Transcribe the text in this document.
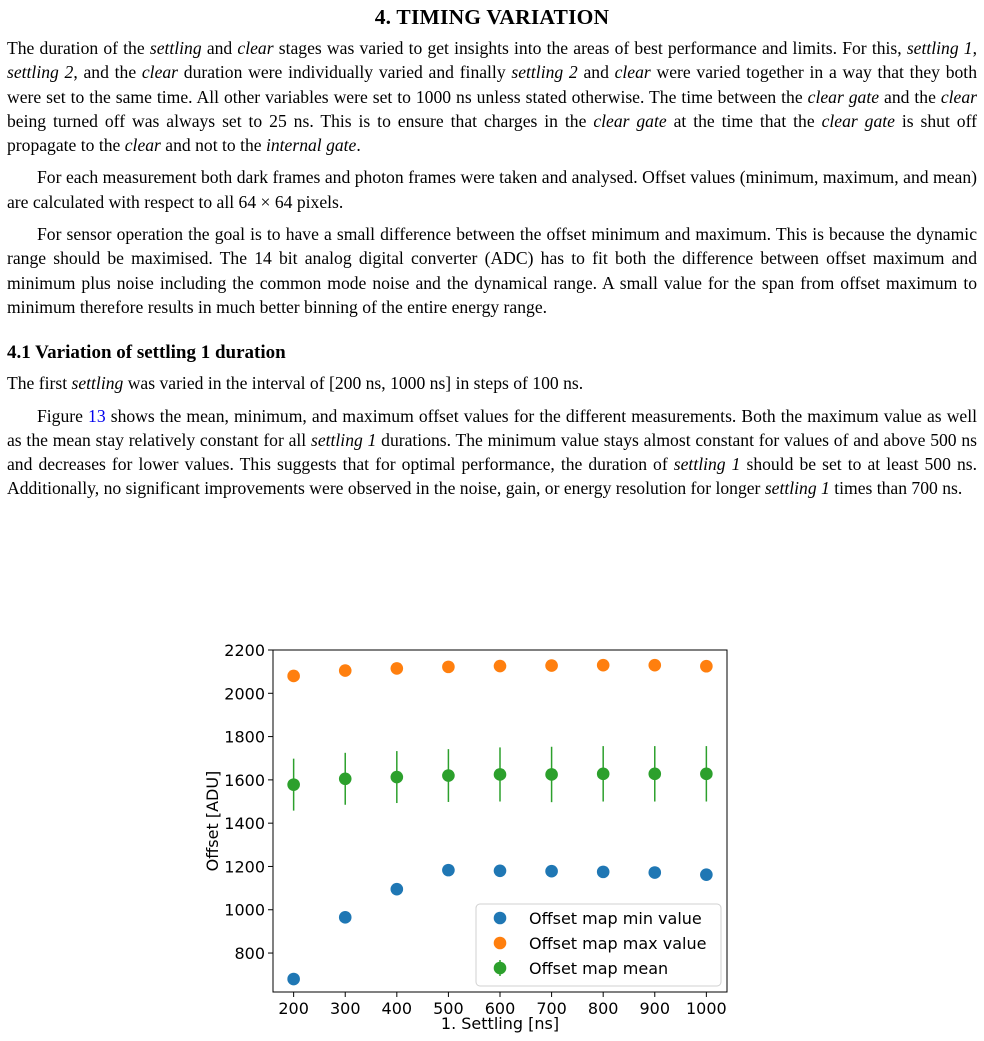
4. TIMING VARIATION

The duration of the settling and clear stages was varied to get insights into the areas of best performance and limits. For this, settling 1, settling 2, and the clear duration were individually varied and finally settling 2 and clear were varied together in a way that they both were set to the same time. All other variables were set to 1000 ns unless stated otherwise. The time between the clear gate and the clear being turned off was always set to 25 ns. This is to ensure that charges in the clear gate at the time that the clear gate is shut off propagate to the clear and not to the internal gate.

For each measurement both dark frames and photon frames were taken and analysed. Offset values (minimum, maximum, and mean) are calculated with respect to all 64 × 64 pixels.

For sensor operation the goal is to have a small difference between the offset minimum and maximum. This is because the dynamic range should be maximised. The 14 bit analog digital converter (ADC) has to fit both the difference between offset maximum and minimum plus noise including the common mode noise and the dynamical range. A small value for the span from offset maximum to minimum therefore results in much better binning of the entire energy range.

4.1 Variation of settling 1 duration

The first settling was varied in the interval of [200 ns, 1000 ns] in steps of 100 ns.

Figure 13 shows the mean, minimum, and maximum offset values for the different measurements. Both the maximum value as well as the mean stay relatively constant for all settling 1 durations. The minimum value stays almost constant for values of and above 500 ns and decreases for lower values. This suggests that for optimal performance, the duration of settling 1 should be set to at least 500 ns. Additionally, no significant improvements were observed in the noise, gain, or energy resolution for longer settling 1 times than 700 ns.

200 300 400 500 600 700 800 900 1000
800
1000
1200
1400
1600
1800
2000
2200
1. Settling [ns]
Offset [ADU]
Offset map min value
Offset map max value
Offset map mean
